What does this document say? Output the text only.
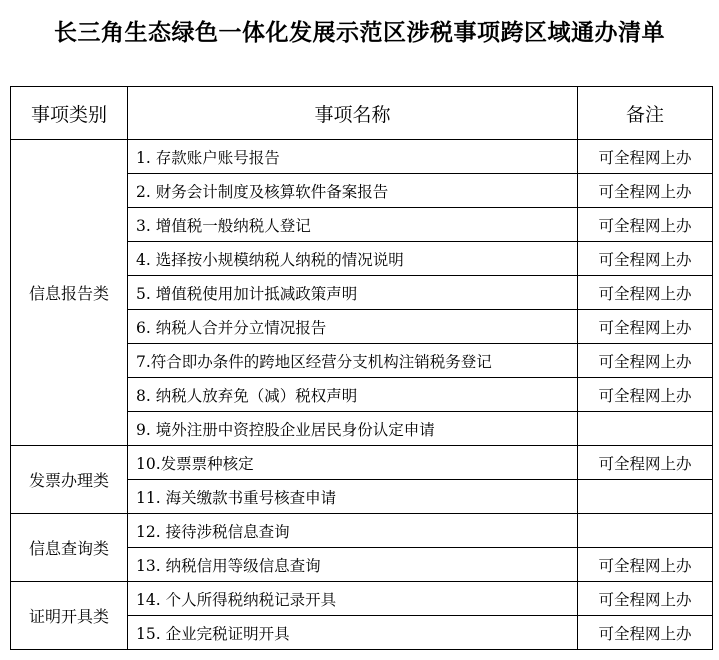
长三角生态绿色一体化发展示范区涉税事项跨区域通办清单
事项类别	事项名称	备注
信息报告类	1. 存款账户账号报告	可全程网上办
	2. 财务会计制度及核算软件备案报告	可全程网上办
	3. 增值税一般纳税人登记	可全程网上办
	4. 选择按小规模纳税人纳税的情况说明	可全程网上办
	5. 增值税使用加计抵减政策声明	可全程网上办
	6. 纳税人合并分立情况报告	可全程网上办
	7.符合即办条件的跨地区经营分支机构注销税务登记	可全程网上办
	8. 纳税人放弃免（减）税权声明	可全程网上办
	9. 境外注册中资控股企业居民身份认定申请	
发票办理类	10.发票票种核定	可全程网上办
	11. 海关缴款书重号核查申请	
信息查询类	12. 接待涉税信息查询	
	13. 纳税信用等级信息查询	可全程网上办
证明开具类	14. 个人所得税纳税记录开具	可全程网上办
	15. 企业完税证明开具	可全程网上办
